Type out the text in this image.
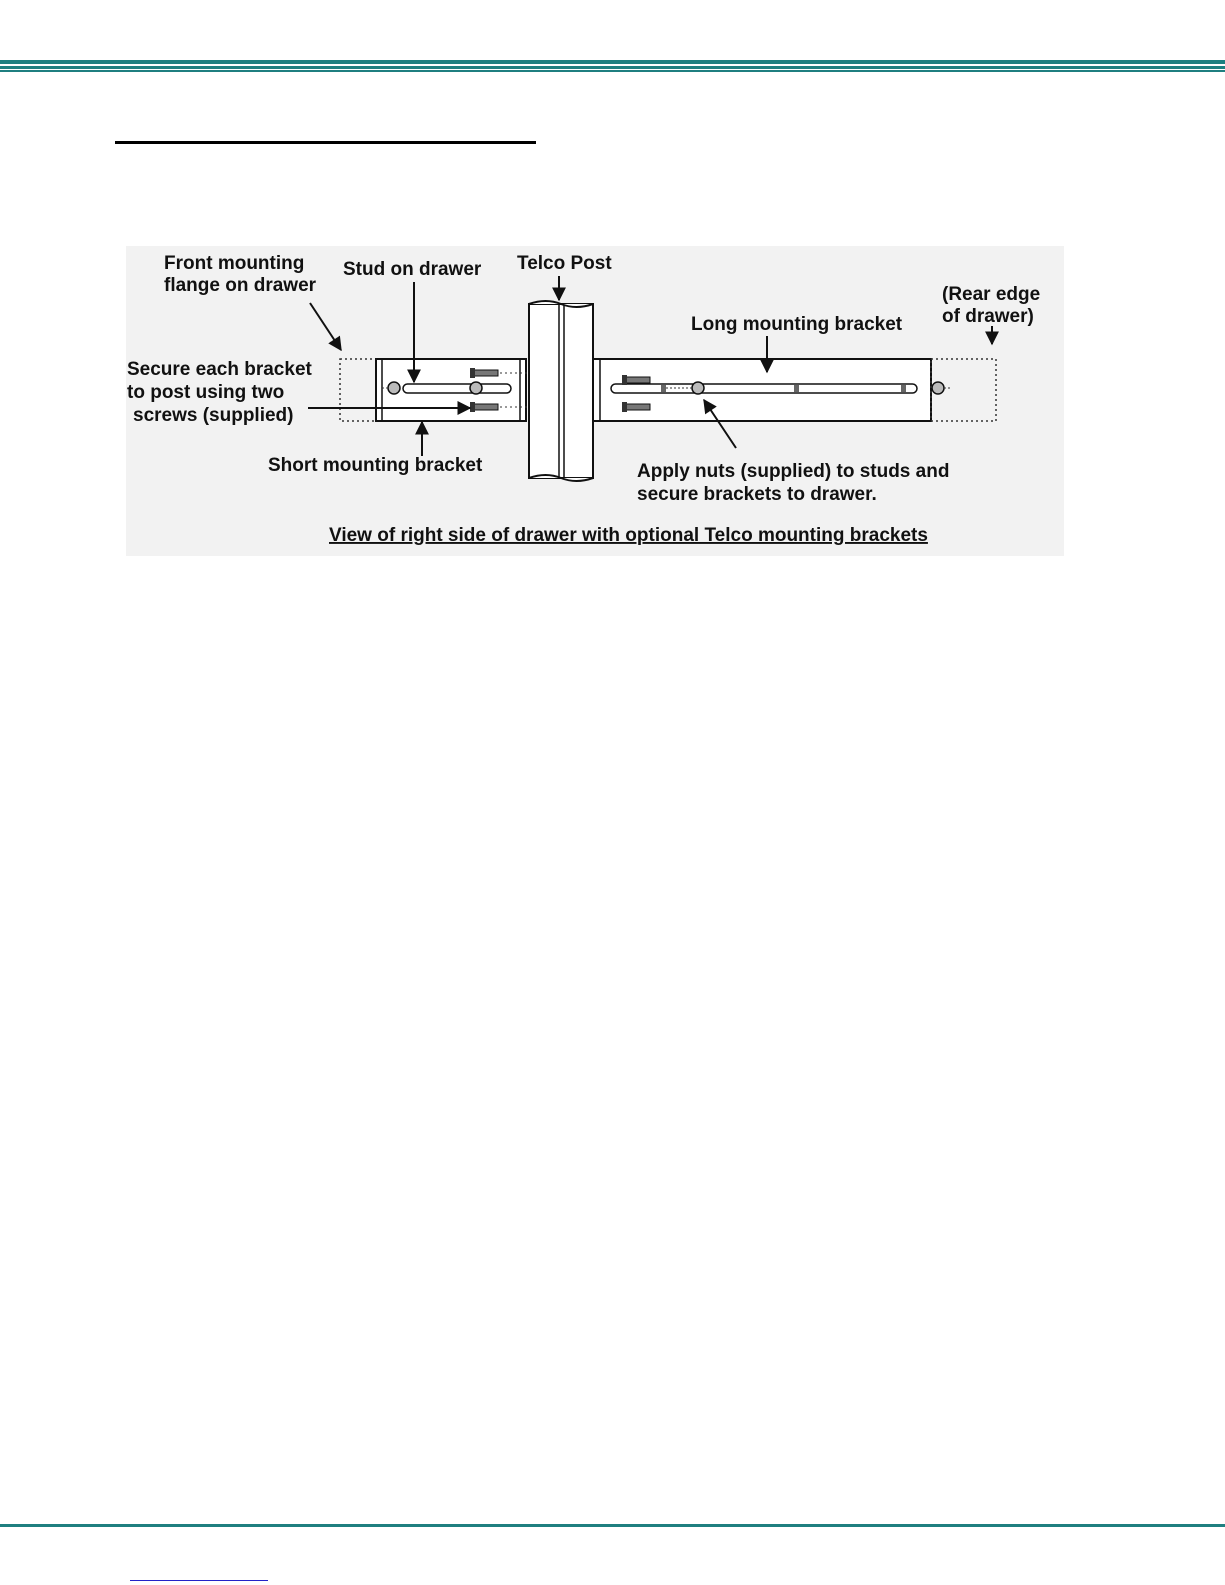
Front mounting
flange on drawer
Stud on drawer Telco Post
(Rear edge
of drawer)
Long mounting bracket
Secure each bracket
to post using two
screws (supplied)
Short mounting bracket	Apply nuts (supplied) to studs and
secure brackets to drawer.
View of right side of drawer with optional Telco mounting brackets
